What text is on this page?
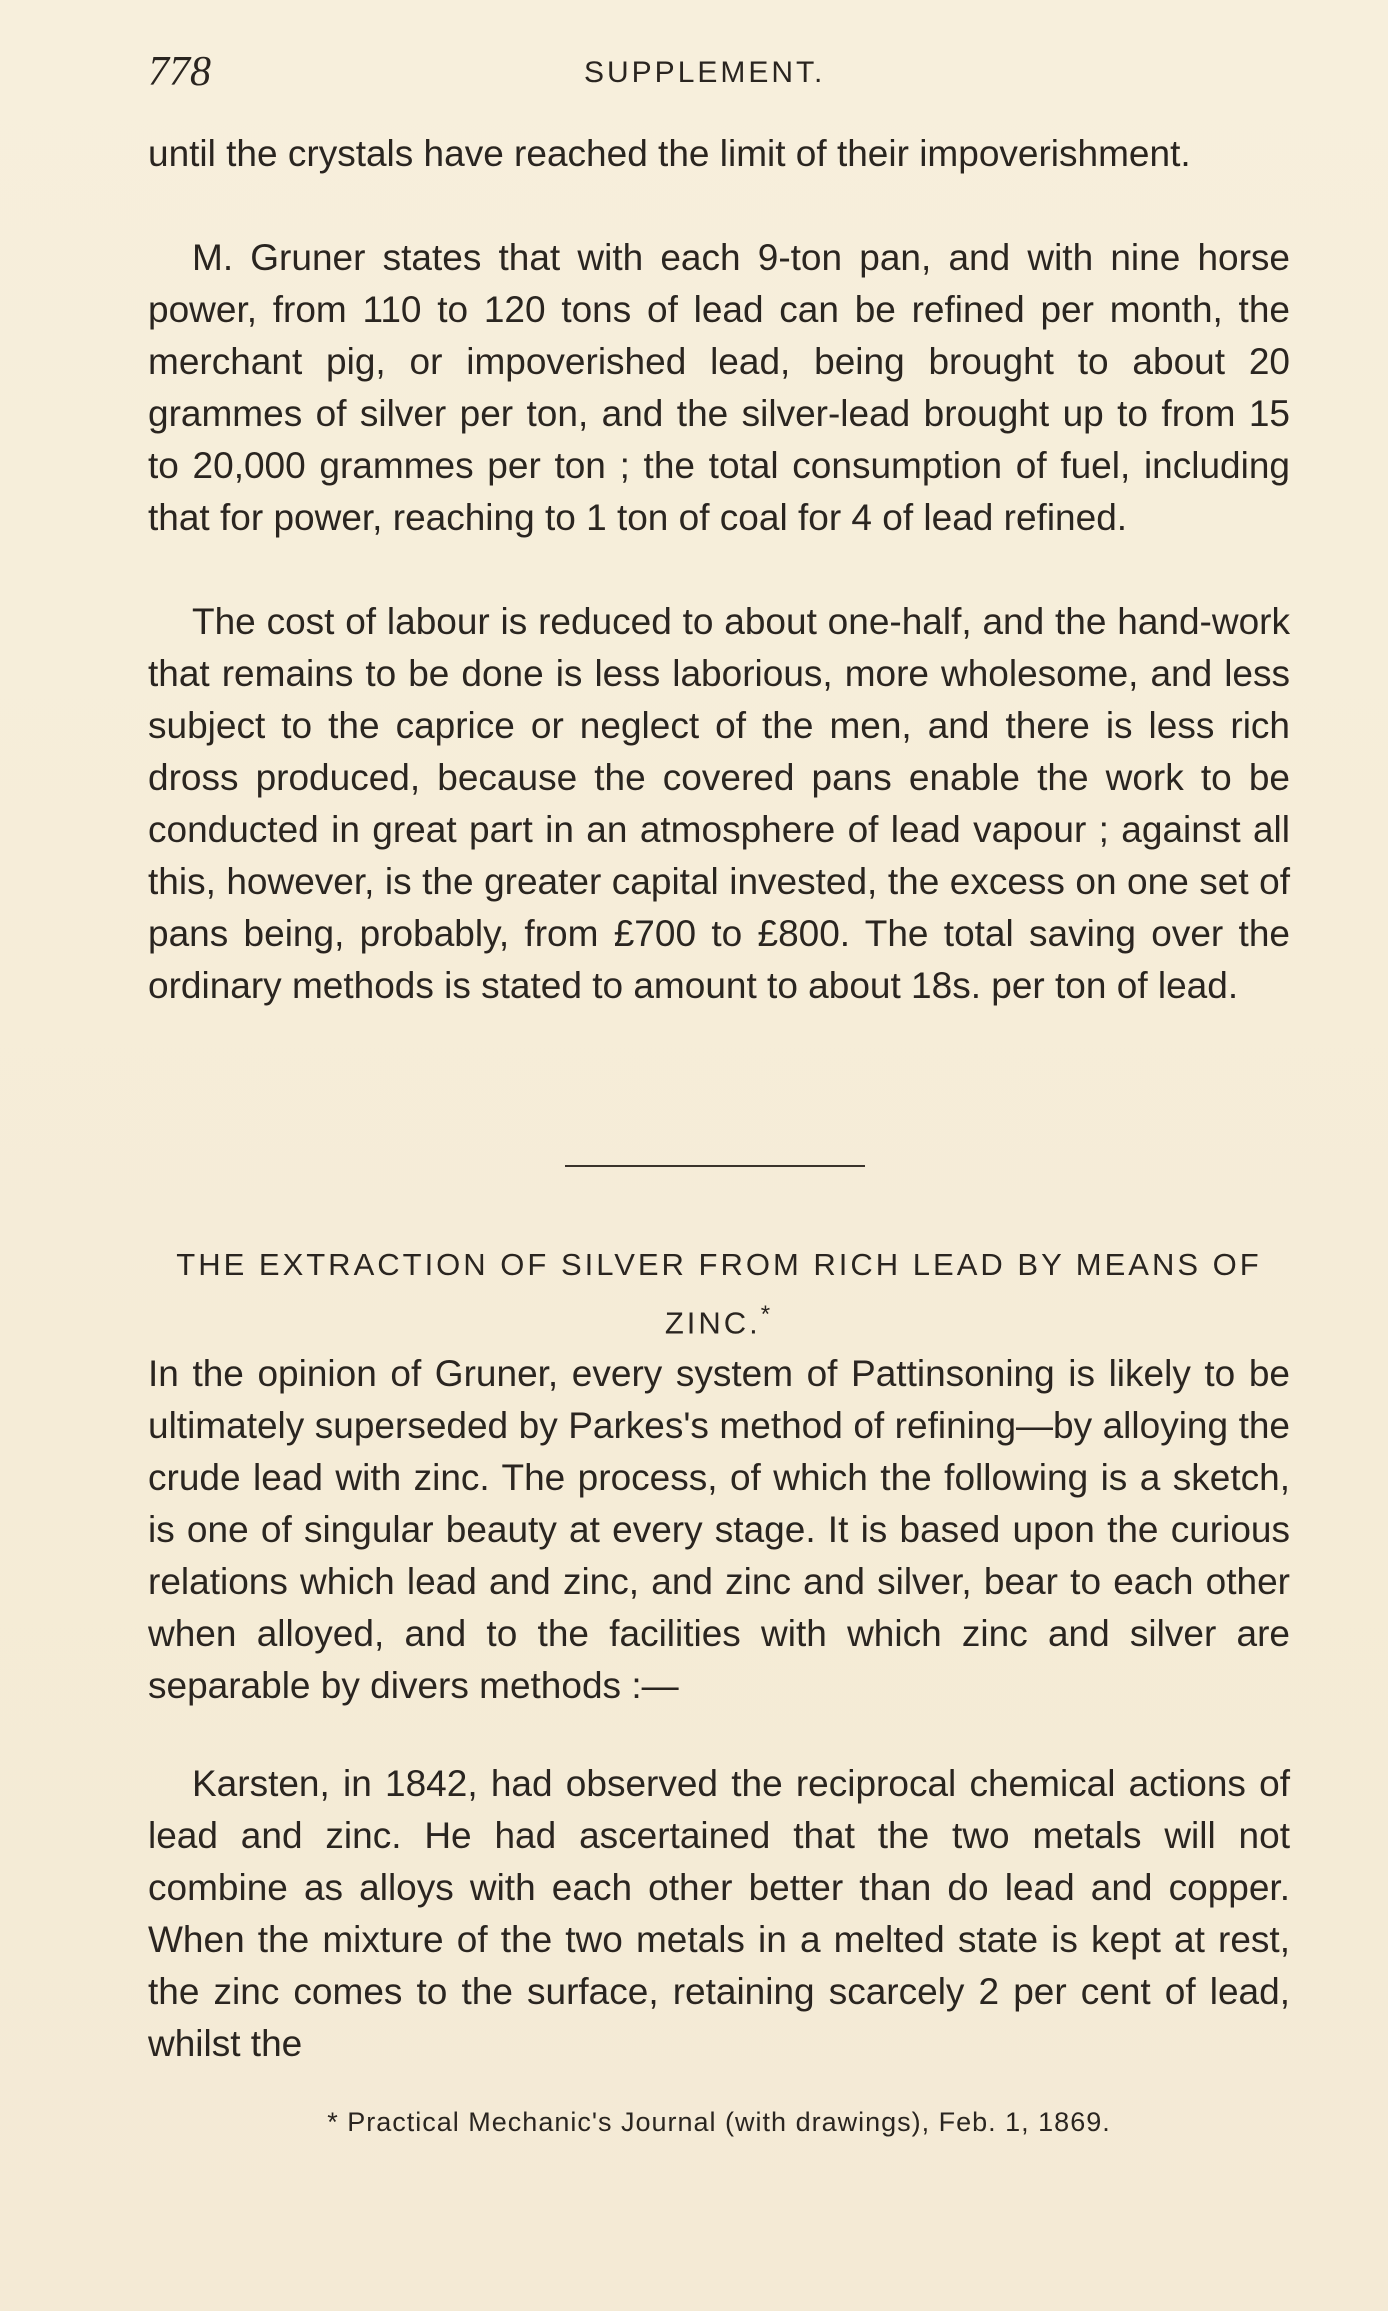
778	SUPPLEMENT.

until the crystals have reached the limit of their impoverishment.

M. Gruner states that with each 9-ton pan, and with nine horse power, from 110 to 120 tons of lead can be refined per month, the merchant pig, or impoverished lead, being brought to about 20 grammes of silver per ton, and the silver-lead brought up to from 15 to 20,000 grammes per ton ; the total consumption of fuel, including that for power, reaching to 1 ton of coal for 4 of lead refined.

The cost of labour is reduced to about one-half, and the hand-work that remains to be done is less laborious, more wholesome, and less subject to the caprice or neglect of the men, and there is less rich dross produced, because the covered pans enable the work to be conducted in great part in an atmosphere of lead vapour ; against all this, however, is the greater capital invested, the excess on one set of pans being, probably, from £700 to £800. The total saving over the ordinary methods is stated to amount to about 18s. per ton of lead.

THE EXTRACTION OF SILVER FROM RICH LEAD BY MEANS OF ZINC.*

In the opinion of Gruner, every system of Pattinsoning is likely to be ultimately superseded by Parkes's method of refining—by alloying the crude lead with zinc. The process, of which the following is a sketch, is one of singular beauty at every stage. It is based upon the curious relations which lead and zinc, and zinc and silver, bear to each other when alloyed, and to the facilities with which zinc and silver are separable by divers methods :—

Karsten, in 1842, had observed the reciprocal chemical actions of lead and zinc. He had ascertained that the two metals will not combine as alloys with each other better than do lead and copper. When the mixture of the two metals in a melted state is kept at rest, the zinc comes to the surface, retaining scarcely 2 per cent of lead, whilst the

* Practical Mechanic's Journal (with drawings), Feb. 1, 1869.
